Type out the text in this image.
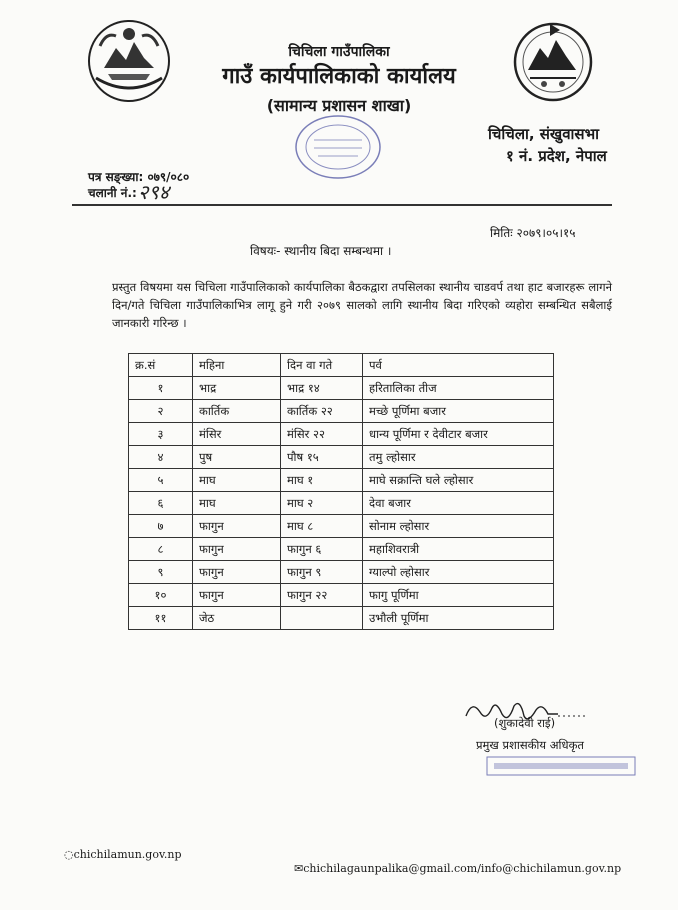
चिचिला गाउँपालिका
गाउँ कार्यपालिकाको कार्यालय
(सामान्य प्रशासन शाखा)
चिचिला, संखुवासभा
१ नं. प्रदेश, नेपाल
पत्र सङ्ख्या: ०७९/०८०
चलानी नं.: २९४
मितिः २०७९।०५।१५
विषयः- स्थानीय बिदा सम्बन्धमा ।
प्रस्तुत विषयमा यस चिचिला गाउँपालिकाको कार्यपालिका बैठकद्वारा तपसिलका स्थानीय चाडवर्प तथा हाट बजारहरू लागने दिन/गते चिचिला गाउँपालिकाभित्र लागू हुने गरी २०७९ सालको लागि स्थानीय बिदा गरिएको व्यहोरा सम्बन्धित सबैलाई जानकारी गरिन्छ ।
क्र.सं	महिना	दिन वा गते	पर्व
१	भाद्र	भाद्र १४	हरितालिका तीज
२	कार्तिक	कार्तिक २२	मच्छे पूर्णिमा बजार
३	मंसिर	मंसिर २२	धान्य पूर्णिमा र देवीटार बजार
४	पुष	पौष १५	तमु ल्होसार
५	माघ	माघ १	माघे सक्रान्ति घले ल्होसार
६	माघ	माघ २	देवा बजार
७	फागुन	माघ ८	सोनाम ल्होसार
८	फागुन	फागुन ६	महाशिवरात्री
९	फागुन	फागुन ९	ग्याल्पो ल्होसार
१०	फागुन	फागुन २२	फागु पूर्णिमा
११	जेठ		उभौली पूर्णिमा
(शुकादेवी राई)
प्रमुख प्रशासकीय अधिकृत
◌chichilamun.gov.np
✉chichilagaunpalika@gmail.com/info@chichilamun.gov.np
